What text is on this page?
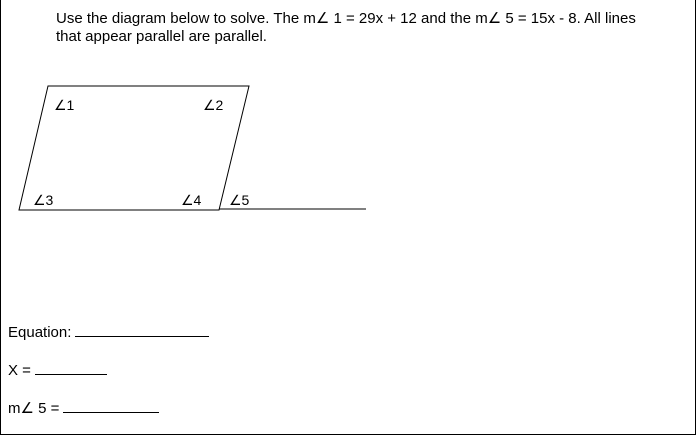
Use the diagram below to solve. The m∠ 1 = 29x + 12 and the m∠ 5 = 15x - 8. All lines
that appear parallel are parallel.
∠1	∠2
∠3	∠4 ∠5
Equation:
X =
m∠ 5 =
